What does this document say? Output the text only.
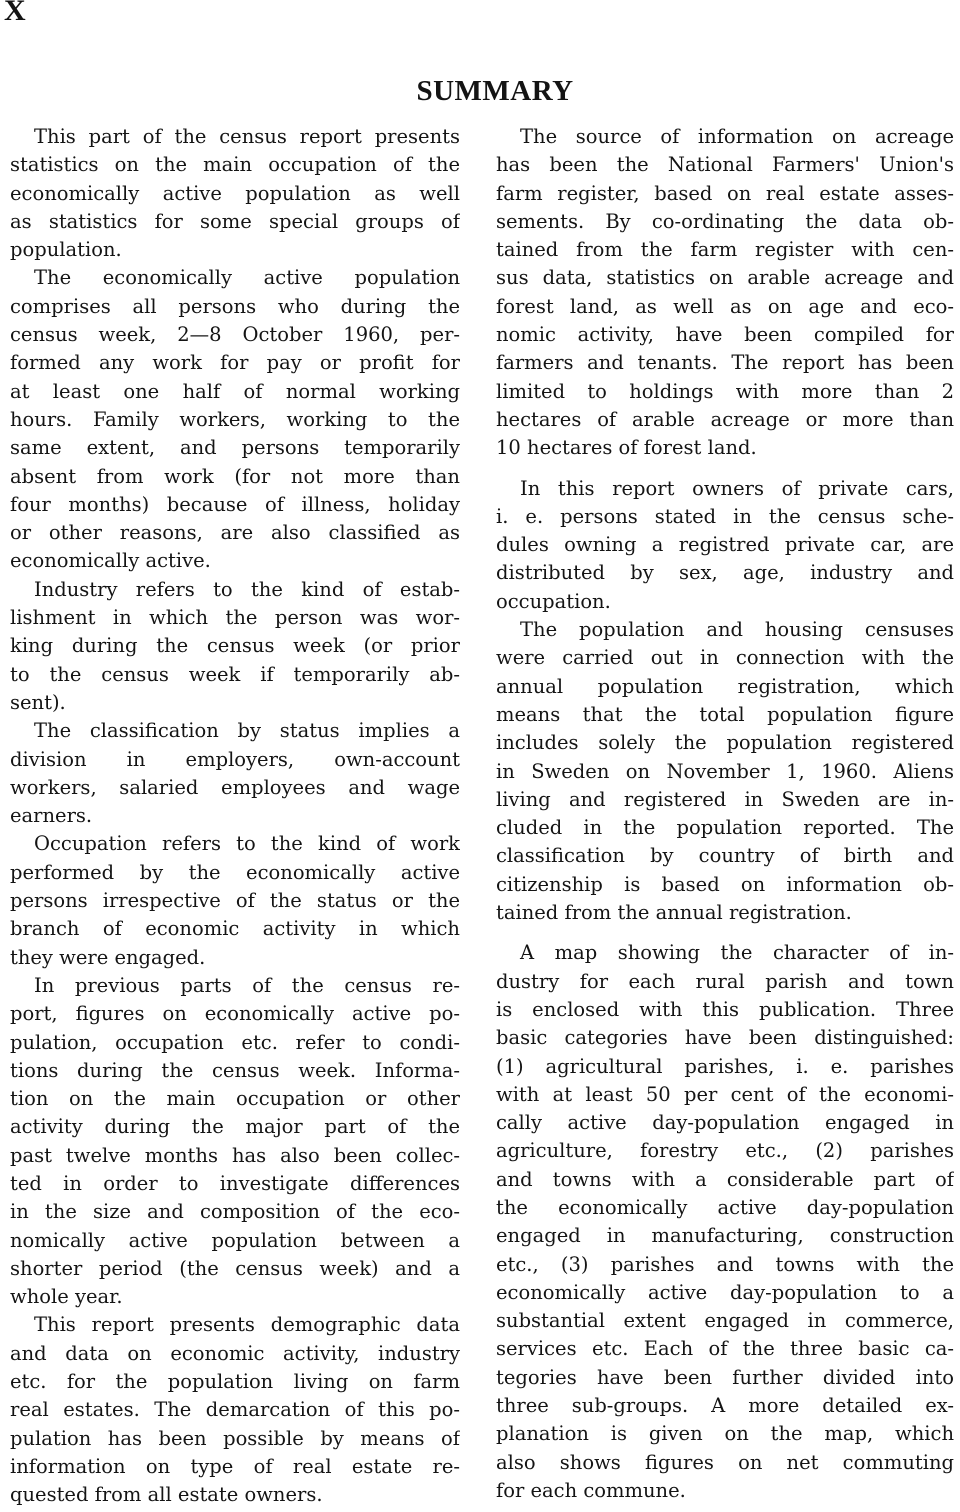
X
SUMMARY

This part of the census report presents
statistics on the main occupation of the
economically active population as well
as statistics for some special groups of
population.

The economically active population
comprises all persons who during the
census week, 2—8 October 1960, per-
formed any work for pay or profit for
at least one half of normal working
hours. Family workers, working to the
same extent, and persons temporarily
absent from work (for not more than
four months) because of illness, holiday
or other reasons, are also classified as
economically active.

Industry refers to the kind of estab-
lishment in which the person was wor-
king during the census week (or prior
to the census week if temporarily ab-
sent).

The classification by status implies a
division in employers, own-account
workers, salaried employees and wage
earners.

Occupation refers to the kind of work
performed by the economically active
persons irrespective of the status or the
branch of economic activity in which
they were engaged.

In previous parts of the census re-
port, figures on economically active po-
pulation, occupation etc. refer to condi-
tions during the census week. Informa-
tion on the main occupation or other
activity during the major part of the
past twelve months has also been collec-
ted in order to investigate differences
in the size and composition of the eco-
nomically active population between a
shorter period (the census week) and a
whole year.

This report presents demographic data
and data on economic activity, industry
etc. for the population living on farm
real estates. The demarcation of this po-
pulation has been possible by means of
information on type of real estate re-
quested from all estate owners.

The source of information on acreage
has been the National Farmers' Union's
farm register, based on real estate asses-
sements. By co-ordinating the data ob-
tained from the farm register with cen-
sus data, statistics on arable acreage and
forest land, as well as on age and eco-
nomic activity, have been compiled for
farmers and tenants. The report has been
limited to holdings with more than 2
hectares of arable acreage or more than
10 hectares of forest land.

In this report owners of private cars,
i. e. persons stated in the census sche-
dules owning a registred private car, are
distributed by sex, age, industry and
occupation.

The population and housing censuses
were carried out in connection with the
annual population registration, which
means that the total population figure
includes solely the population registered
in Sweden on November 1, 1960. Aliens
living and registered in Sweden are in-
cluded in the population reported. The
classification by country of birth and
citizenship is based on information ob-
tained from the annual registration.

A map showing the character of in-
dustry for each rural parish and town
is enclosed with this publication. Three
basic categories have been distinguished:
(1) agricultural parishes, i. e. parishes
with at least 50 per cent of the economi-
cally active day-population engaged in
agriculture, forestry etc., (2) parishes
and towns with a considerable part of
the economically active day-population
engaged in manufacturing, construction
etc., (3) parishes and towns with the
economically active day-population to a
substantial extent engaged in commerce,
services etc. Each of the three basic ca-
tegories have been further divided into
three sub-groups. A more detailed ex-
planation is given on the map, which
also shows figures on net commuting
for each commune.
